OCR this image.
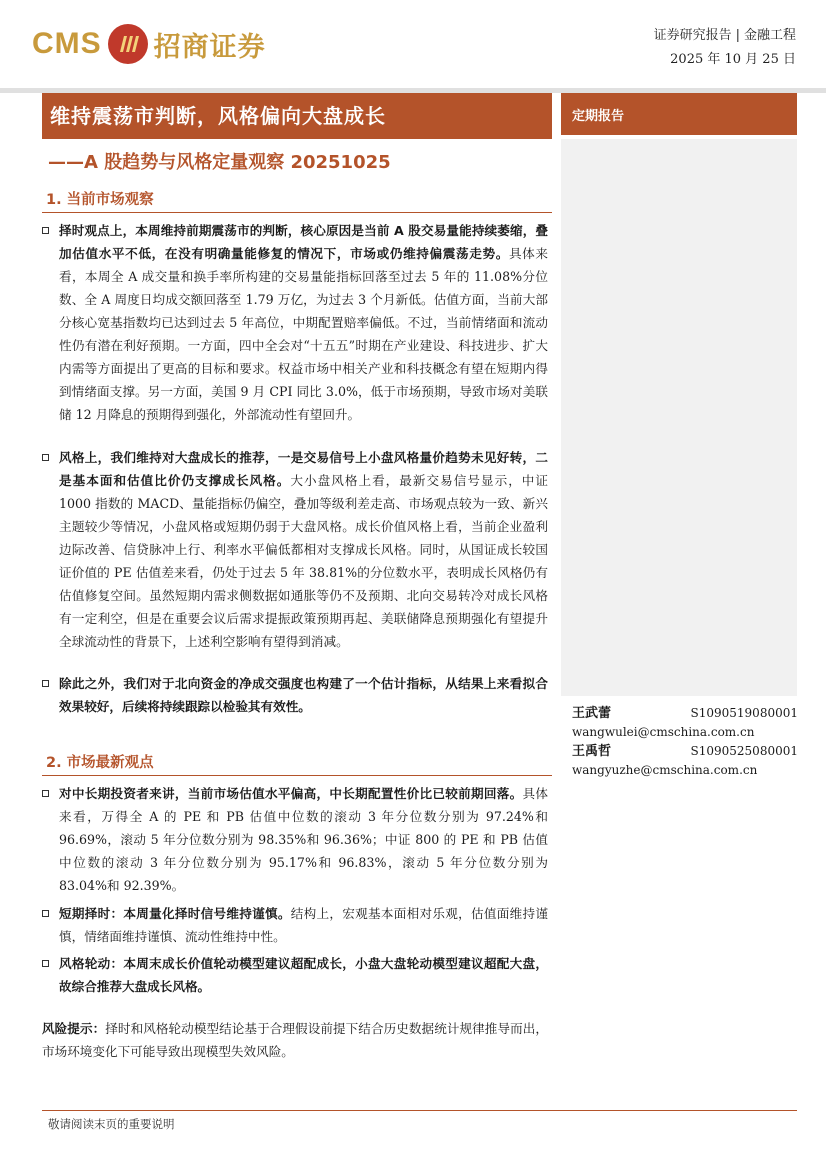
CMS 招商证券	证券研究报告 | 金融工程
2025 年 10 月 25 日
维持震荡市判断，风格偏向大盘成长
——A 股趋势与风格定量观察 20251025
定期报告
1. 当前市场观察
择时观点上，本周维持前期震荡市的判断，核心原因是当前 A 股交易量能持续萎缩，叠加估值水平不低，在没有明确量能修复的情况下，市场或仍维持偏震荡走势。具体来看，本周全 A 成交量和换手率所构建的交易量能指标回落至过去 5 年的 11.08%分位数、全 A 周度日均成交额回落至 1.79 万亿，为过去 3 个月新低。估值方面，当前大部分核心宽基指数均已达到过去 5 年高位，中期配置赔率偏低。不过，当前情绪面和流动性仍有潜在利好预期。一方面，四中全会对“十五五”时期在产业建设、科技进步、扩大内需等方面提出了更高的目标和要求。权益市场中相关产业和科技概念有望在短期内得到情绪面支撑。另一方面，美国 9 月 CPI 同比 3.0%，低于市场预期，导致市场对美联储 12 月降息的预期得到强化，外部流动性有望回升。
风格上，我们维持对大盘成长的推荐，一是交易信号上小盘风格量价趋势未见好转，二是基本面和估值比价仍支撑成长风格。大小盘风格上看，最新交易信号显示，中证 1000 指数的 MACD、量能指标仍偏空，叠加等级利差走高、市场观点较为一致、新兴主题较少等情况，小盘风格或短期仍弱于大盘风格。成长价值风格上看，当前企业盈利边际改善、信贷脉冲上行、利率水平偏低都相对支撑成长风格。同时，从国证成长较国证价值的 PE 估值差来看，仍处于过去 5 年 38.81%的分位数水平，表明成长风格仍有估值修复空间。虽然短期内需求侧数据如通胀等仍不及预期、北向交易转冷对成长风格有一定利空，但是在重要会议后需求提振政策预期再起、美联储降息预期强化有望提升全球流动性的背景下，上述利空影响有望得到消减。
除此之外，我们对于北向资金的净成交强度也构建了一个估计指标，从结果上来看拟合效果较好，后续将持续跟踪以检验其有效性。
2. 市场最新观点
对中长期投资者来讲，当前市场估值水平偏高，中长期配置性价比已较前期回落。具体来看，万得全 A 的 PE 和 PB 估值中位数的滚动 3 年分位数分别为 97.24%和 96.69%，滚动 5 年分位数分别为 98.35%和 96.36%；中证 800 的 PE 和 PB 估值中位数的滚动 3 年分位数分别为 95.17%和 96.83%，滚动 5 年分位数分别为 83.04%和 92.39%。
短期择时：本周量化择时信号维持谨慎。结构上，宏观基本面相对乐观，估值面维持谨慎，情绪面维持谨慎、流动性维持中性。
风格轮动：本周末成长价值轮动模型建议超配成长，小盘大盘轮动模型建议超配大盘，故综合推荐大盘成长风格。
风险提示：择时和风格轮动模型结论基于合理假设前提下结合历史数据统计规律推导而出，市场环境变化下可能导致出现模型失效风险。
王武蕾	S1090519080001
wangwulei@cmschina.com.cn
王禹哲	S1090525080001
wangyuzhe@cmschina.com.cn
敬请阅读末页的重要说明
